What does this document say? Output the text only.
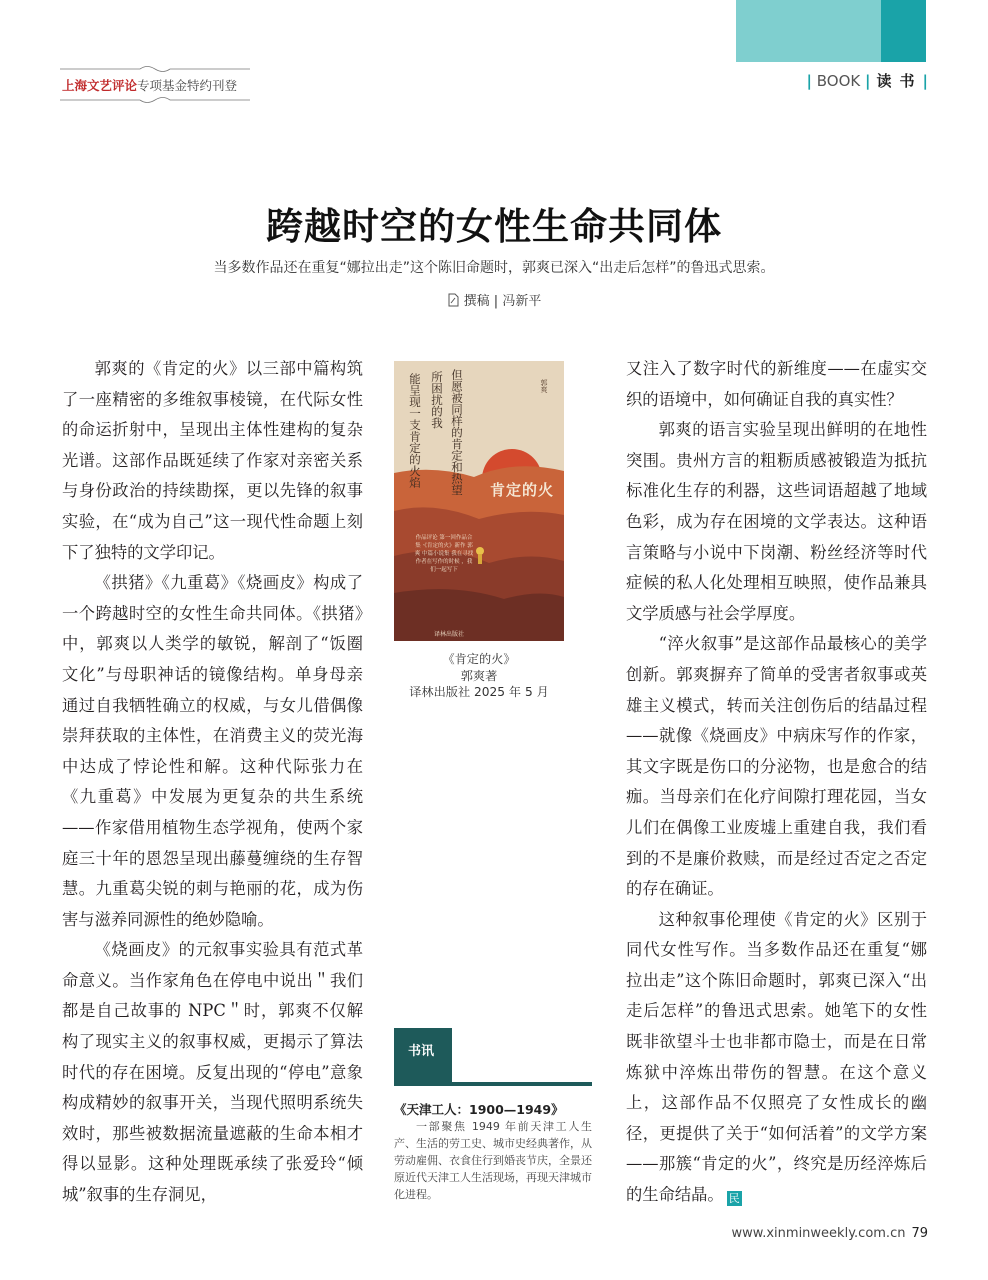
上海文艺评论专项基金特约刊登	| BOOK | 读书|
跨越时空的女性生命共同体
当多数作品还在重复“娜拉出走”这个陈旧命题时，郭爽已深入“出走后怎样”的鲁迅式思索。
撰稿 | 冯新平

郭爽的《肯定的火》以三部中篇构筑了一座精密的多维叙事棱镜，在代际女性的命运折射中，呈现出主体性建构的复杂光谱。这部作品既延续了作家对亲密关系与身份政治的持续勘探，更以先锋的叙事实验，在“成为自己”这一现代性命题上刻下了独特的文学印记。

《拱猪》《九重葛》《烧画皮》构成了一个跨越时空的女性生命共同体。《拱猪》中，郭爽以人类学的敏锐，解剖了“饭圈文化”与母职神话的镜像结构。单身母亲通过自我牺牲确立的权威，与女儿借偶像崇拜获取的主体性，在消费主义的荧光海中达成了悖论性和解。这种代际张力在《九重葛》中发展为更复杂的共生系统——作家借用植物生态学视角，使两个家庭三十年的恩怨呈现出藤蔓缠绕的生存智慧。九重葛尖锐的刺与艳丽的花，成为伤害与滋养同源性的绝妙隐喻。

《烧画皮》的元叙事实验具有范式革命意义。当作家角色在停电中说出＂我们都是自己故事的 NPC＂时，郭爽不仅解构了现实主义的叙事权威，更揭示了算法时代的存在困境。反复出现的“停电”意象构成精妙的叙事开关，当现代照明系统失效时，那些被数据流量遮蔽的生命本相才得以显影。这种处理既承续了张爱玲“倾城”叙事的生存洞见，

但愿被同样的肯定和热望
所困扰的我
能呈现一支肯定的火焰	郭爽
肯定的火
作品评论 第一回作品合集 ·《肯定的火》新作 郭爽 中篇小说集 我在寻找作者在写作的时候 ，我们一起写下
译林出版社
《肯定的火》
郭爽著
译林出版社 2025 年 5 月
书讯
《天津工人：1900—1949》
一部聚焦 1949 年前天津工人生产、生活的劳工史、城市史经典著作，从劳动雇佣、衣食住行到婚丧节庆，全景还原近代天津工人生活现场，再现天津城市化进程。

又注入了数字时代的新维度——在虚实交织的语境中，如何确证自我的真实性？

郭爽的语言实验呈现出鲜明的在地性突围。贵州方言的粗粝质感被锻造为抵抗标准化生存的利器，这些词语超越了地域色彩，成为存在困境的文学表达。这种语言策略与小说中下岗潮、粉丝经济等时代症候的私人化处理相互映照，使作品兼具文学质感与社会学厚度。

“淬火叙事”是这部作品最核心的美学创新。郭爽摒弃了简单的受害者叙事或英雄主义模式，转而关注创伤后的结晶过程——就像《烧画皮》中病床写作的作家，其文字既是伤口的分泌物，也是愈合的结痂。当母亲们在化疗间隙打理花园，当女儿们在偶像工业废墟上重建自我，我们看到的不是廉价救赎，而是经过否定之否定的存在确证。

这种叙事伦理使《肯定的火》区别于同代女性写作。当多数作品还在重复“娜拉出走”这个陈旧命题时，郭爽已深入“出走后怎样”的鲁迅式思索。她笔下的女性既非欲望斗士也非都市隐士，而是在日常炼狱中淬炼出带伤的智慧。在这个意义上，这部作品不仅照亮了女性成长的幽径，更提供了关于“如何活着”的文学方案——那簇“肯定的火”，终究是历经淬炼后的生命结晶。 民

www.xinminweekly.com.cn 79
